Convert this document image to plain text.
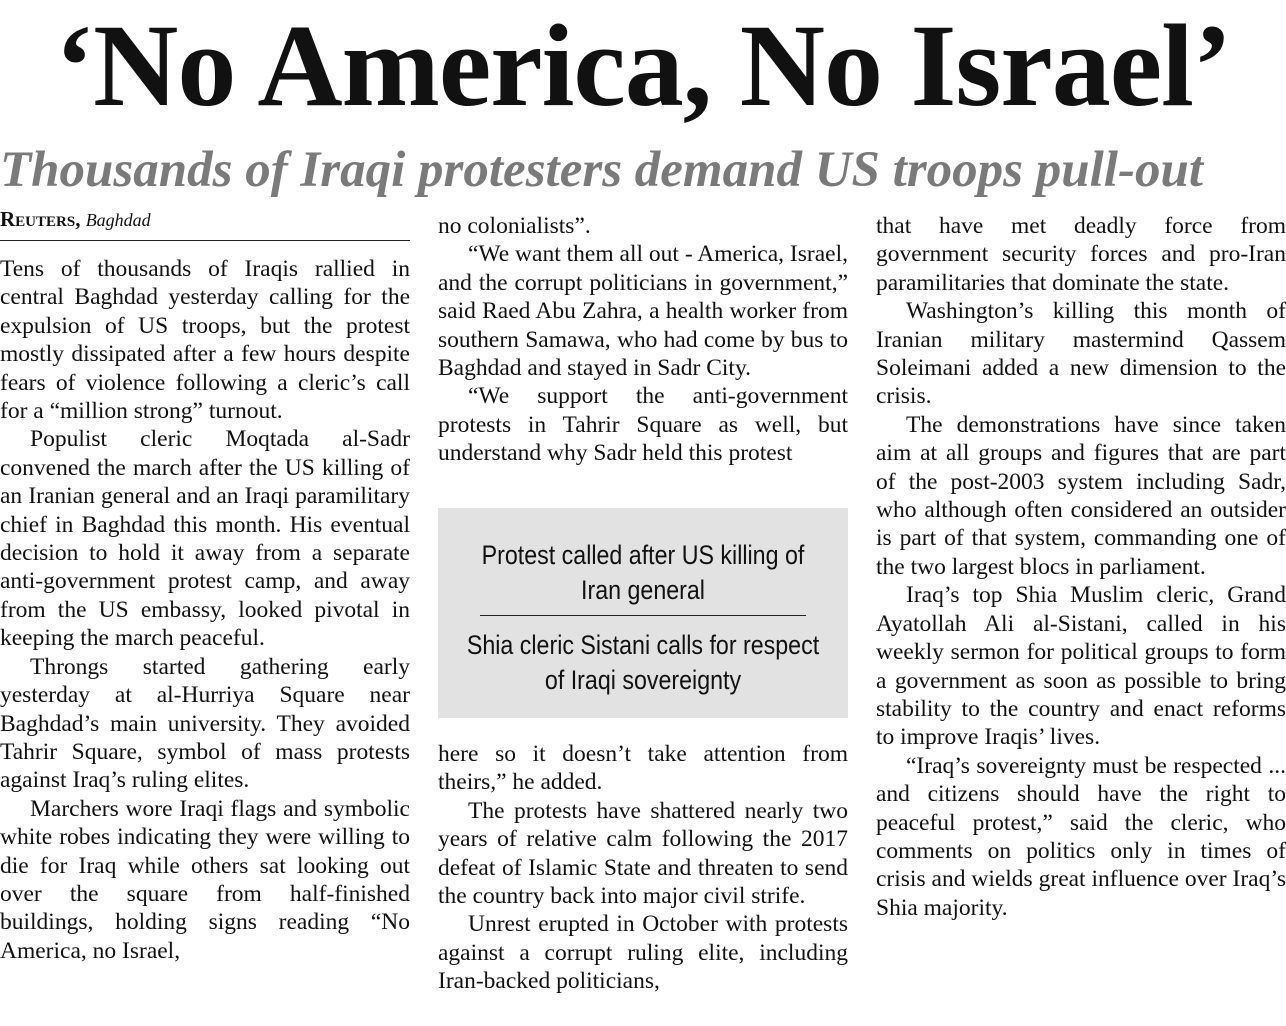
‘No America, No Israel’
Thousands of Iraqi protesters demand US troops pull-out
Reuters, Baghdad

Tens of thousands of Iraqis rallied in central Baghdad yesterday calling for the expulsion of US troops, but the protest mostly dissipated after a few hours despite fears of violence following a cleric’s call for a “million strong” turnout.

Populist cleric Moqtada al-Sadr convened the march after the US killing of an Iranian general and an Iraqi paramilitary chief in Baghdad this month. His eventual decision to hold it away from a separate anti-government protest camp, and away from the US embassy, looked pivotal in keeping the march peaceful.

Throngs started gathering early yesterday at al-Hurriya Square near Baghdad’s main university. They avoided Tahrir Square, symbol of mass protests against Iraq’s ruling elites.

Marchers wore Iraqi flags and symbolic white robes indicating they were willing to die for Iraq while others sat looking out over the square from half-finished buildings, holding signs reading “No America, no Israel,

no colonialists”.

“We want them all out - America, Israel, and the corrupt politicians in government,” said Raed Abu Zahra, a health worker from southern Samawa, who had come by bus to Baghdad and stayed in Sadr City.

“We support the anti-government protests in Tahrir Square as well, but understand why Sadr held this protest

Protest called after US killing of Iran general
Shia cleric Sistani calls for respect of Iraqi sovereignty

here so it doesn’t take attention from theirs,” he added.

The protests have shattered nearly two years of relative calm following the 2017 defeat of Islamic State and threaten to send the country back into major civil strife.

Unrest erupted in October with protests against a corrupt ruling elite, including Iran-backed politicians,

that have met deadly force from government security forces and pro-Iran paramilitaries that dominate the state.

Washington’s killing this month of Iranian military mastermind Qassem Soleimani added a new dimension to the crisis.

The demonstrations have since taken aim at all groups and figures that are part of the post-2003 system including Sadr, who although often considered an outsider is part of that system, commanding one of the two largest blocs in parliament.

Iraq’s top Shia Muslim cleric, Grand Ayatollah Ali al-Sistani, called in his weekly sermon for political groups to form a government as soon as possible to bring stability to the country and enact reforms to improve Iraqis’ lives.

“Iraq’s sovereignty must be respected ... and citizens should have the right to peaceful protest,” said the cleric, who comments on politics only in times of crisis and wields great influence over Iraq’s Shia majority.
